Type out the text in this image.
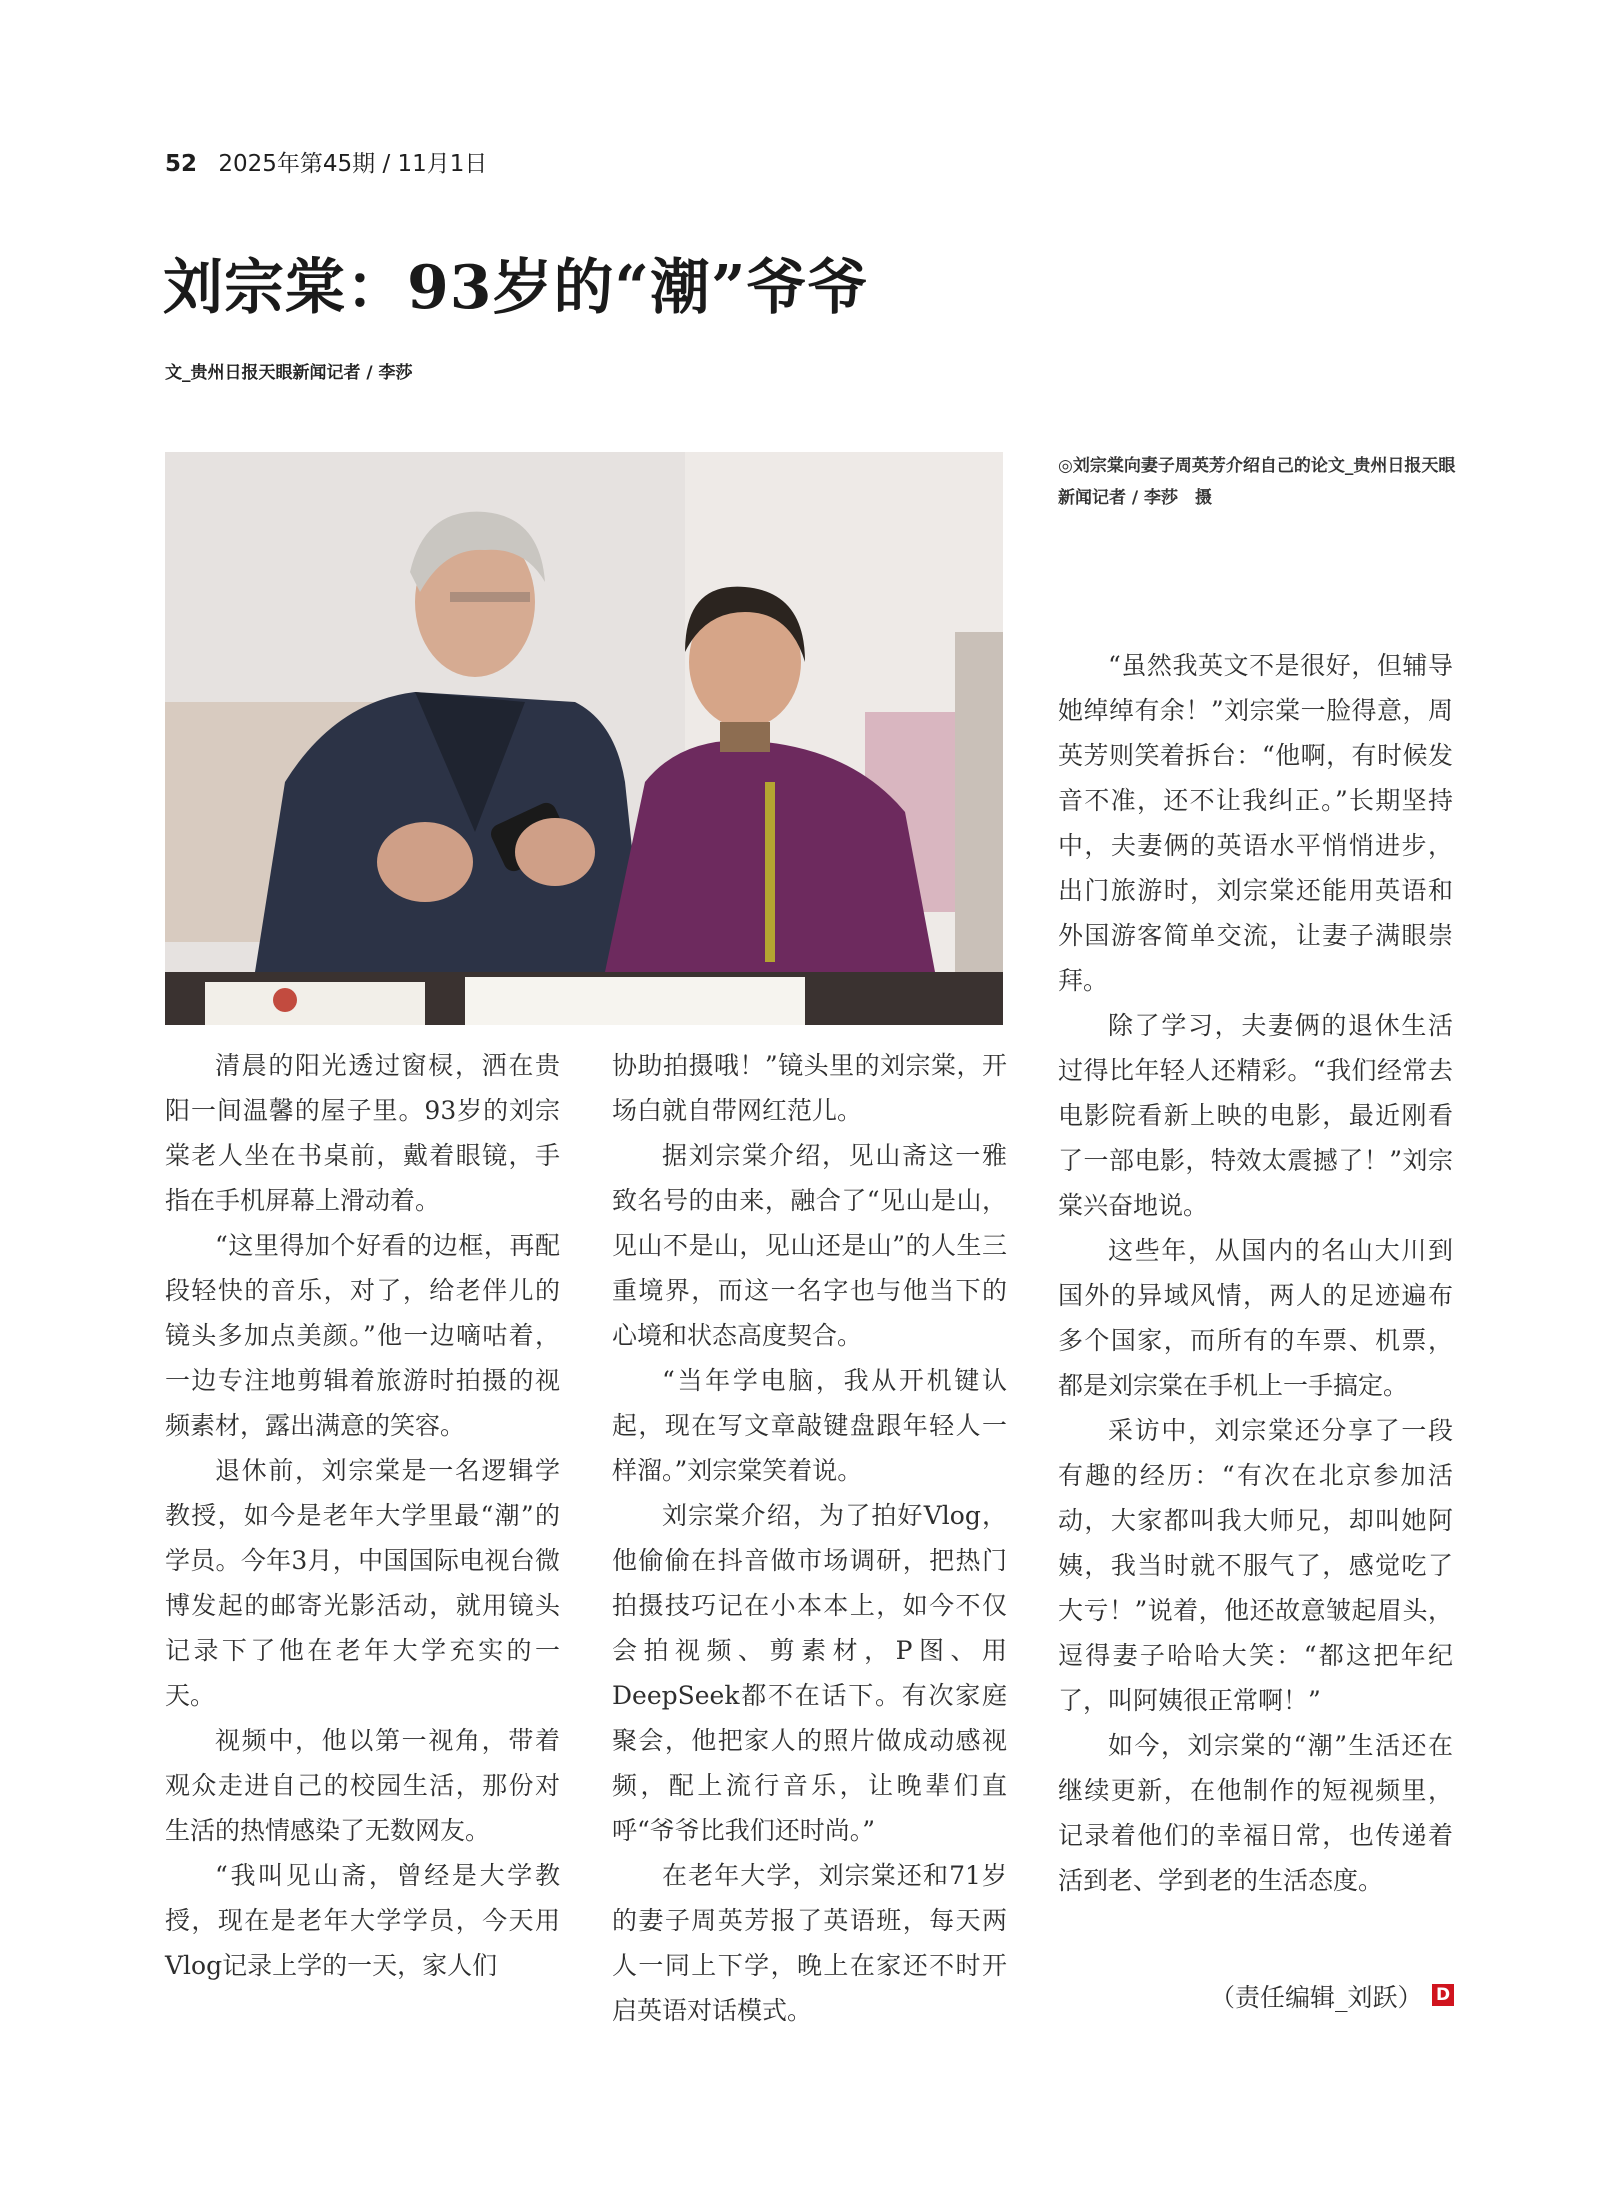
52 2025年第45期 / 11月1日
刘宗棠：93岁的“潮”爷爷
文_贵州日报天眼新闻记者 / 李莎
◎刘宗棠向妻子周英芳介绍自己的论文_贵州日报天眼新闻记者 / 李莎　摄

清晨的阳光透过窗棂，洒在贵阳一间温馨的屋子里。93岁的刘宗棠老人坐在书桌前，戴着眼镜，手指在手机屏幕上滑动着。

“这里得加个好看的边框，再配段轻快的音乐，对了，给老伴儿的镜头多加点美颜。”他一边嘀咕着，一边专注地剪辑着旅游时拍摄的视频素材，露出满意的笑容。

退休前，刘宗棠是一名逻辑学教授，如今是老年大学里最“潮”的学员。今年3月，中国国际电视台微博发起的邮寄光影活动，就用镜头记录下了他在老年大学充实的一天。

视频中，他以第一视角，带着观众走进自己的校园生活，那份对生活的热情感染了无数网友。

“我叫见山斋，曾经是大学教授，现在是老年大学学员，今天用Vlog记录上学的一天，家人们

协助拍摄哦！”镜头里的刘宗棠，开场白就自带网红范儿。

据刘宗棠介绍，见山斋这一雅致名号的由来，融合了“见山是山，见山不是山，见山还是山”的人生三重境界，而这一名字也与他当下的心境和状态高度契合。

“当年学电脑，我从开机键认起，现在写文章敲键盘跟年轻人一样溜。”刘宗棠笑着说。

刘宗棠介绍，为了拍好Vlog，他偷偷在抖音做市场调研，把热门拍摄技巧记在小本本上，如今不仅会拍视频、剪素材，P图、用DeepSeek都不在话下。有次家庭聚会，他把家人的照片做成动感视频，配上流行音乐，让晚辈们直呼“爷爷比我们还时尚。”

在老年大学，刘宗棠还和71岁的妻子周英芳报了英语班，每天两人一同上下学，晚上在家还不时开启英语对话模式。

“虽然我英文不是很好，但辅导她绰绰有余！”刘宗棠一脸得意，周英芳则笑着拆台：“他啊，有时候发音不准，还不让我纠正。”长期坚持中，夫妻俩的英语水平悄悄进步，出门旅游时，刘宗棠还能用英语和外国游客简单交流，让妻子满眼崇拜。

除了学习，夫妻俩的退休生活过得比年轻人还精彩。“我们经常去电影院看新上映的电影，最近刚看了一部电影，特效太震撼了！”刘宗棠兴奋地说。

这些年，从国内的名山大川到国外的异域风情，两人的足迹遍布多个国家，而所有的车票、机票，都是刘宗棠在手机上一手搞定。

采访中，刘宗棠还分享了一段有趣的经历：“有次在北京参加活动，大家都叫我大师兄，却叫她阿姨，我当时就不服气了，感觉吃了大亏！”说着，他还故意皱起眉头，逗得妻子哈哈大笑：“都这把年纪了，叫阿姨很正常啊！”

如今，刘宗棠的“潮”生活还在继续更新，在他制作的短视频里，记录着他们的幸福日常，也传递着活到老、学到老的生活态度。

（责任编辑_刘跃） D
